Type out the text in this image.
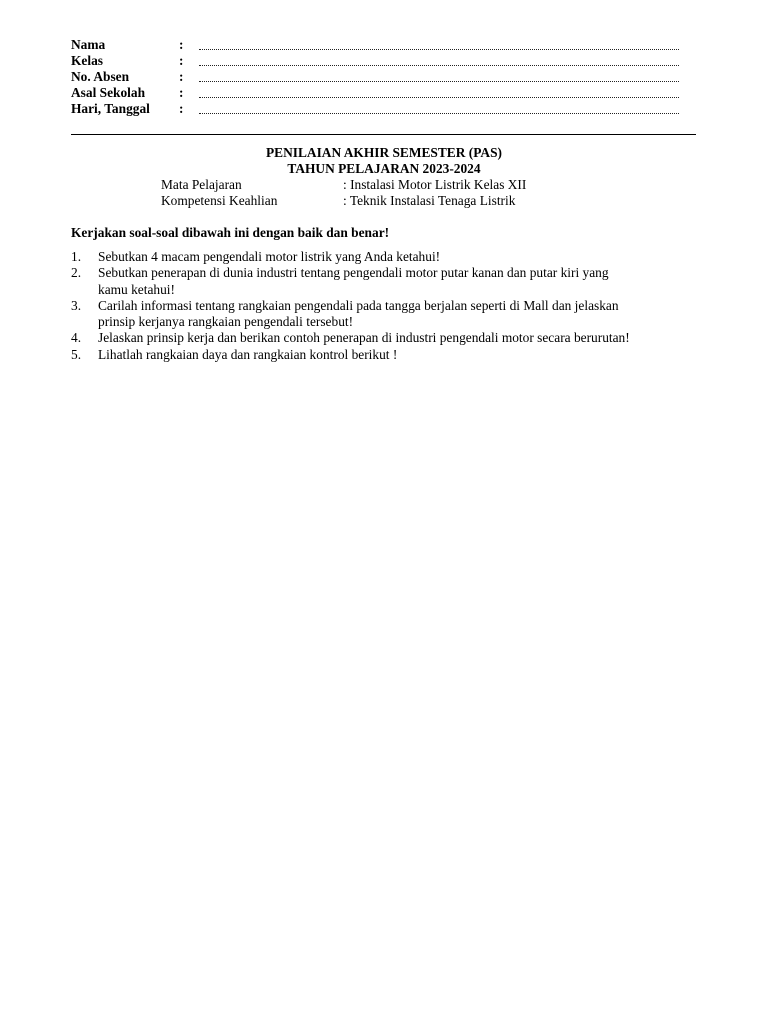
Nama	:
Kelas	:
No. Absen	:
Asal Sekolah	:
Hari, Tanggal :
PENILAIAN AKHIR SEMESTER (PAS)
TAHUN PELAJARAN 2023-2024
Mata Pelajaran	: Instalasi Motor Listrik Kelas XII
Kompetensi Keahlian	: Teknik Instalasi Tenaga Listrik
Kerjakan soal-soal dibawah ini dengan baik dan benar!
1. Sebutkan 4 macam pengendali motor listrik yang Anda ketahui!
2. Sebutkan penerapan di dunia industri tentang pengendali motor putar kanan dan putar kiri yang
kamu ketahui!
3. Carilah informasi tentang rangkaian pengendali pada tangga berjalan seperti di Mall dan jelaskan
prinsip kerjanya rangkaian pengendali tersebut!
4. Jelaskan prinsip kerja dan berikan contoh penerapan di industri pengendali motor secara berurutan!
5. Lihatlah rangkaian daya dan rangkaian kontrol berikut !
